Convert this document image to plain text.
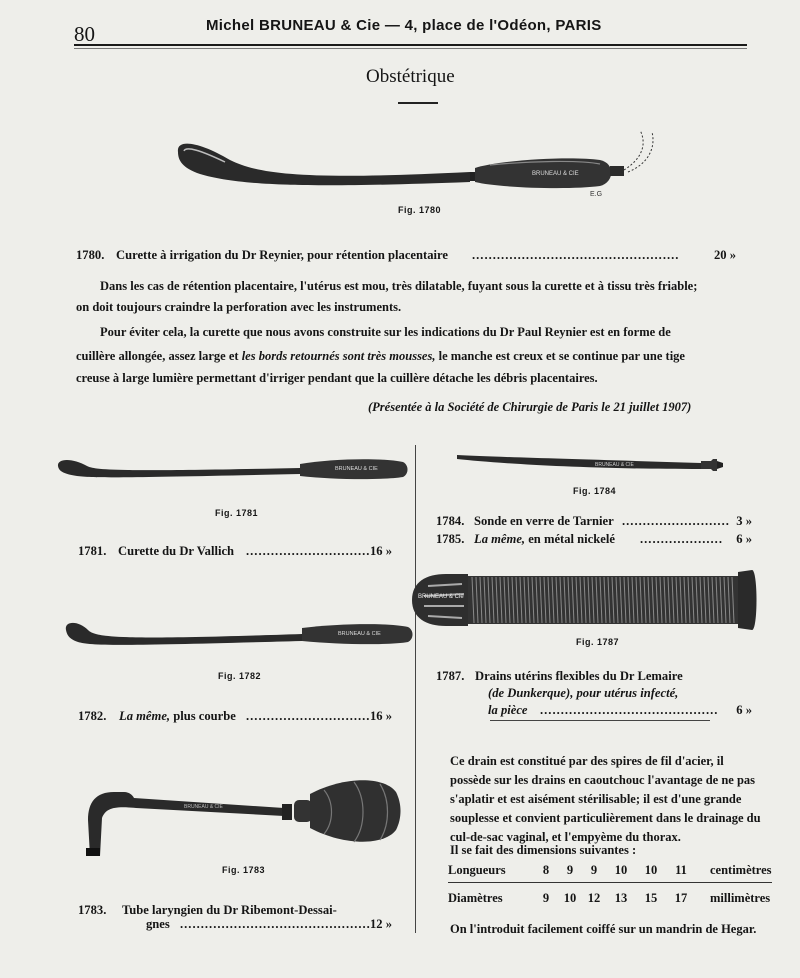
80	Michel BRUNEAU & Cie — 4, place de l'Odéon, PARIS
Obstétrique
BRUNEAU & CIE
E.G
Fig. 1780
1780. Curette à irrigation du Dr Reynier, pour rétention placentaire ..................................................	20 »
Dans les cas de rétention placentaire, l'utérus est mou, très dilatable, fuyant sous la curette et à tissu très friable;
on doit toujours craindre la perforation avec les instruments.
Pour éviter cela, la curette que nous avons construite sur les indications du Dr Paul Reynier est en forme de
cuillère allongée, assez large et les bords retournés sont très mousses, le manche est creux et se continue par une tige
creuse à large lumière permettant d'irriger pendant que la cuillère détache les débris placentaires.
(Présentée à la Société de Chirurgie de Paris le 21 juillet 1907)
BRUNEAU & CIE
Fig. 1781
1781. Curette du Dr Vallich .............................. 16 »
BRUNEAU & CIE
Fig. 1782
1782. La même, plus courbe .............................. 16 »
BRUNEAU & CIE
Fig. 1783
1783. Tube laryngien du Dr Ribemont-Dessai-
gnes .............................................. 12 »
BRUNEAU & CIE
Fig. 1784
1784. Sonde en verre de Tarnier .......................... 3 »
1785. La même, en métal nickelé ....................	6 »
BRUNEAU & Cie
Fig. 1787
1787. Drains utérins flexibles du Dr Lemaire
(de Dunkerque), pour utérus infecté,
la pièce ...........................................	6 »
Ce drain est constitué par des spires de fil d'acier, il
possède sur les drains en caoutchouc l'avantage de ne pas
s'aplatir et est aisément stérilisable; il est d'une grande
souplesse et convient particulièrement dans le drainage du
cul-de-sac vaginal, et l'empyème du thorax.
Il se fait des dimensions suivantes :
Longueurs	8	9	9	10	10	11	centimètres
Diamètres	9	10	12	13	15	17	millimètres
On l'introduit facilement coiffé sur un mandrin de Hegar.
